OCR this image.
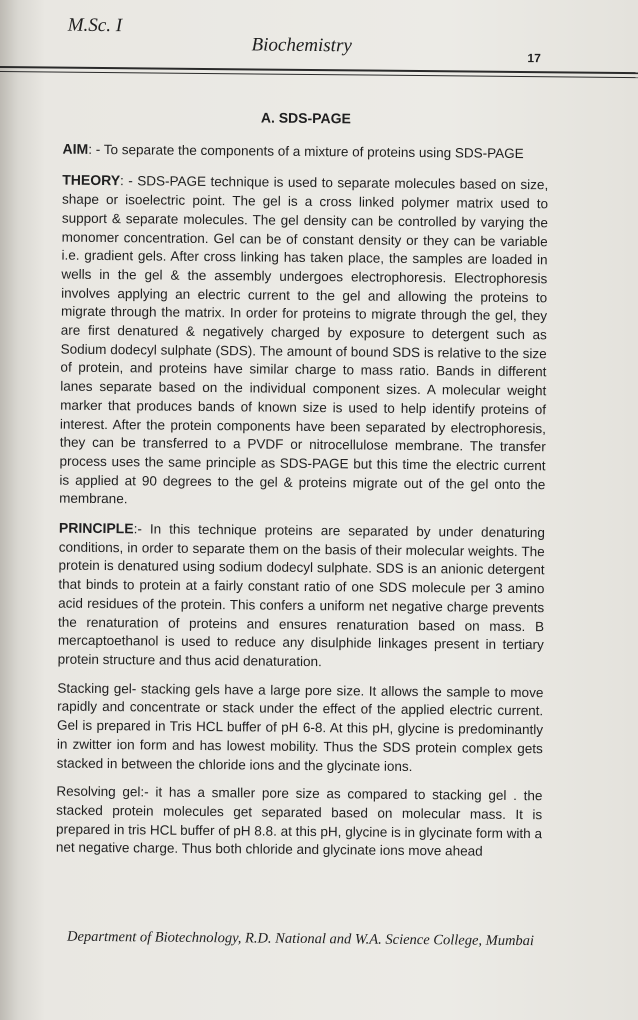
M.Sc. I
Biochemistry
17
A. SDS-PAGE

AIM: - To separate the components of a mixture of proteins using SDS-PAGE

THEORY: - SDS-PAGE technique is used to separate molecules based on size, shape or isoelectric point. The gel is a cross linked polymer matrix used to support & separate molecules. The gel density can be controlled by varying the monomer concentration. Gel can be of constant density or they can be variable i.e. gradient gels. After cross linking has taken place, the samples are loaded in wells in the gel & the assembly undergoes electrophoresis. Electrophoresis involves applying an electric current to the gel and allowing the proteins to migrate through the matrix. In order for proteins to migrate through the gel, they are first denatured & negatively charged by exposure to detergent such as Sodium dodecyl sulphate (SDS). The amount of bound SDS is relative to the size of protein, and proteins have similar charge to mass ratio. Bands in different lanes separate based on the individual component sizes. A molecular weight marker that produces bands of known size is used to help identify proteins of interest. After the protein components have been separated by electrophoresis, they can be transferred to a PVDF or nitrocellulose membrane. The transfer process uses the same principle as SDS-PAGE but this time the electric current is applied at 90 degrees to the gel & proteins migrate out of the gel onto the membrane.

PRINCIPLE:- In this technique proteins are separated by under denaturing conditions, in order to separate them on the basis of their molecular weights. The protein is denatured using sodium dodecyl sulphate. SDS is an anionic detergent that binds to protein at a fairly constant ratio of one SDS molecule per 3 amino acid residues of the protein. This confers a uniform net negative charge prevents the renaturation of proteins and ensures renaturation based on mass. B mercaptoethanol is used to reduce any disulphide linkages present in tertiary protein structure and thus acid denaturation.

Stacking gel- stacking gels have a large pore size. It allows the sample to move rapidly and concentrate or stack under the effect of the applied electric current. Gel is prepared in Tris HCL buffer of pH 6-8. At this pH, glycine is predominantly in zwitter ion form and has lowest mobility. Thus the SDS protein complex gets stacked in between the chloride ions and the glycinate ions.

Resolving gel:- it has a smaller pore size as compared to stacking gel . the stacked protein molecules get separated based on molecular mass. It is prepared in tris HCL buffer of pH 8.8. at this pH, glycine is in glycinate form with a net negative charge. Thus both chloride and glycinate ions move ahead

Department of Biotechnology, R.D. National and W.A. Science College, Mumbai
